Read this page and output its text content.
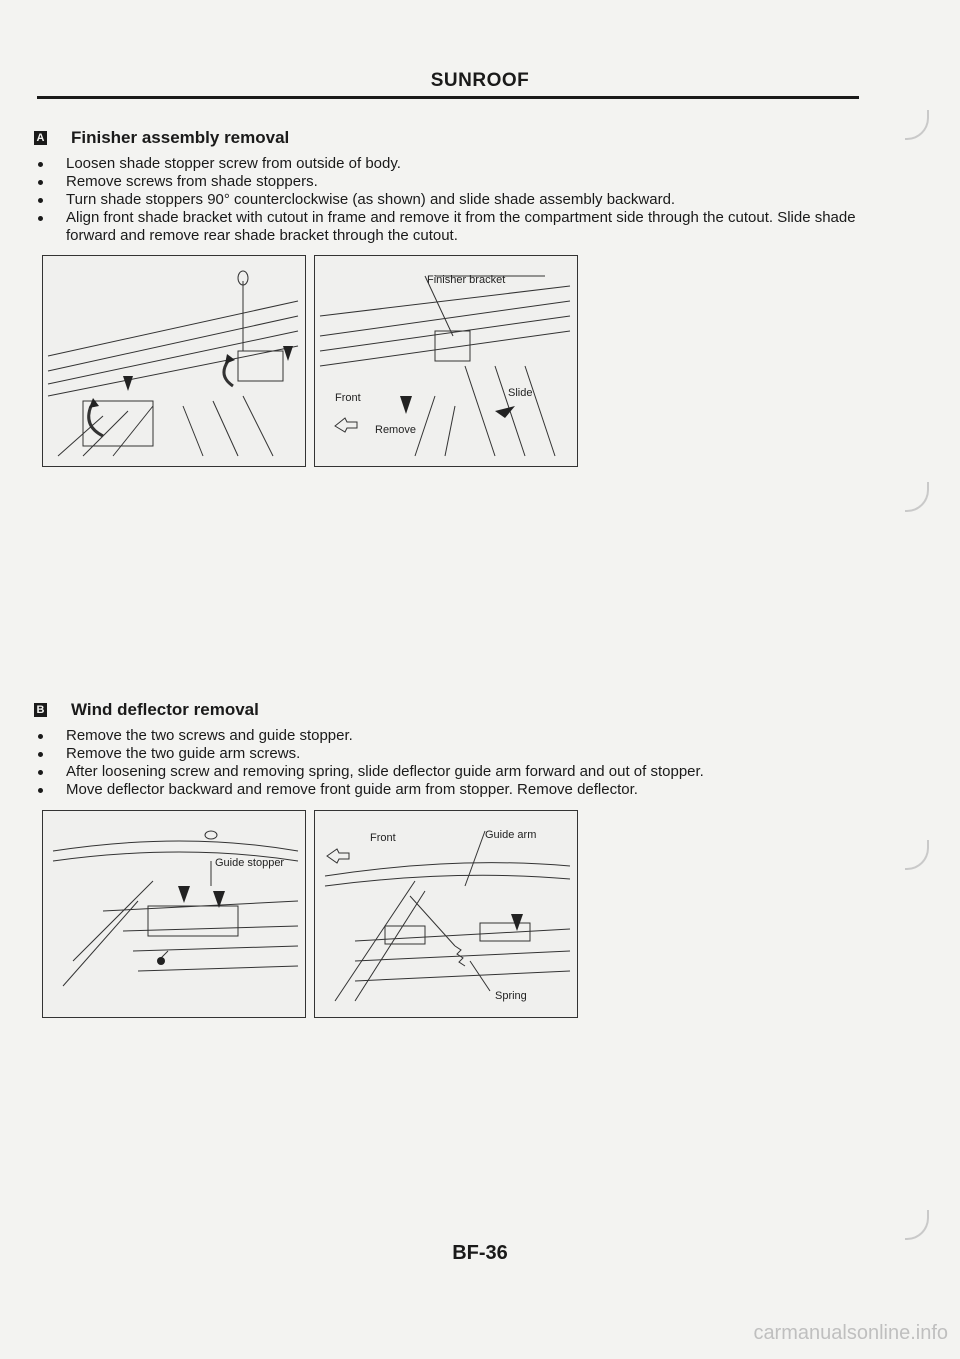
SUNROOF
A Finisher assembly removal
Loosen shade stopper screw from outside of body.
Remove screws from shade stoppers.
Turn shade stoppers 90° counterclockwise (as shown) and slide shade assembly backward.
Align front shade bracket with cutout in frame and remove it from the compartment side through the cutout. Slide shade forward and remove rear shade bracket through the cutout.
Finisher bracket
Front
Remove
Slide
B Wind deflector removal
Remove the two screws and guide stopper.
Remove the two guide arm screws.
After loosening screw and removing spring, slide deflector guide arm forward and out of stopper.
Move deflector backward and remove front guide arm from stopper. Remove deflector.
Guide stopper
Front	Guide arm
Spring
BF-36
carmanualsonline.info
